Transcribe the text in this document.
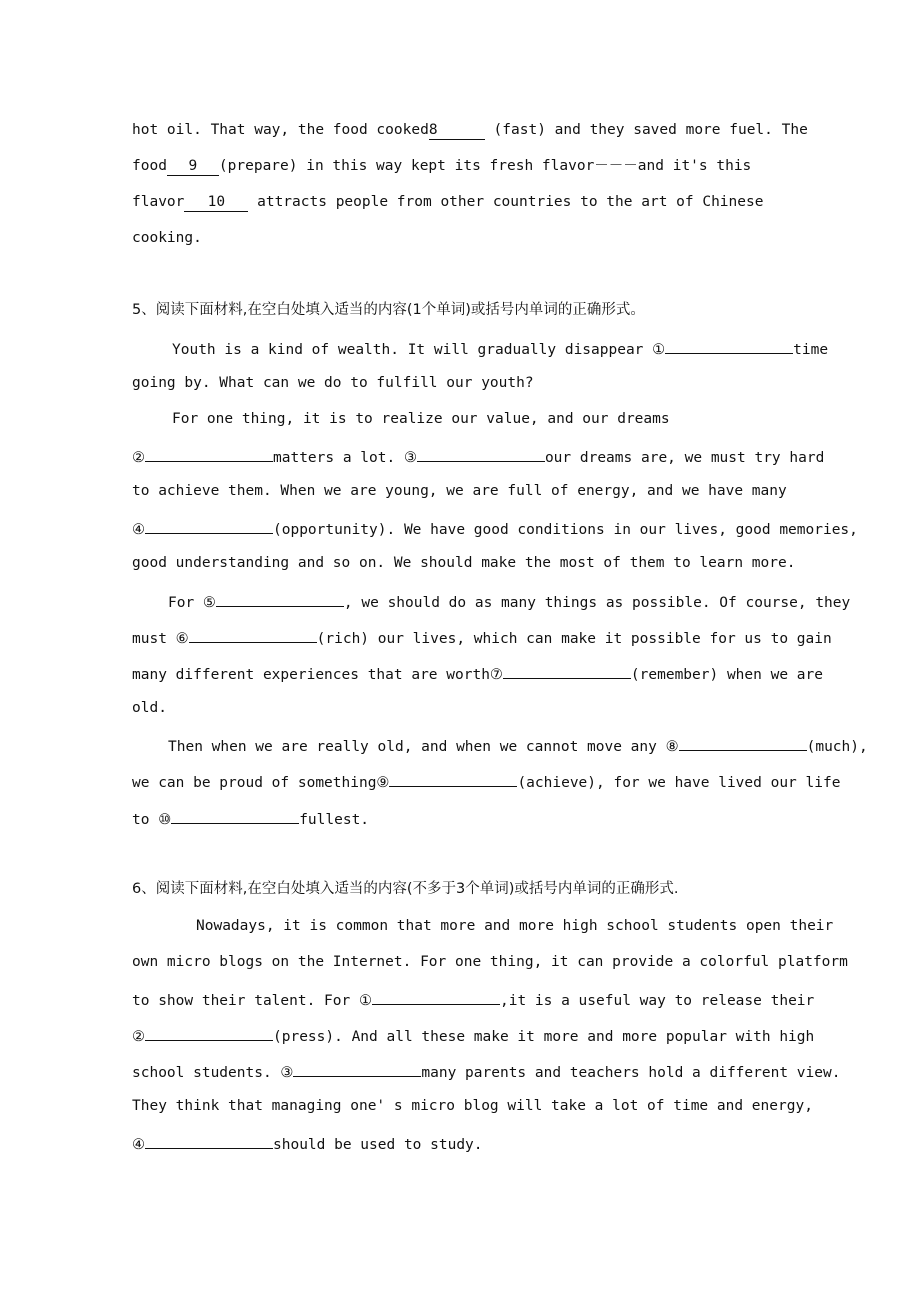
hot oil. That way, the food cooked8	(fast) and they saved more fuel. The
food 9 (prepare) in this way kept its fresh flavor－－－and it's this
flavor 10 attracts people from other countries to the art of Chinese
cooking.
5、阅读下面材料,在空白处填入适当的内容(1个单词)或括号内单词的正确形式。
Youth is a kind of wealth. It will gradually disappear ①	time
going by. What can we do to fulfill our youth?
For one thing, it is to realize our value, and our dreams
②	matters a lot. ③	our dreams are, we must try hard
to achieve them. When we are young, we are full of energy, and we have many
④	(opportunity). We have good conditions in our lives, good memories,
good understanding and so on. We should make the most of them to learn more.
For ⑤	, we should do as many things as possible. Of course, they
must ⑥	(rich) our lives, which can make it possible for us to gain
many different experiences that are worth⑦	(remember) when we are
old.
Then when we are really old, and when we cannot move any ⑧	(much),
we can be proud of something⑨	(achieve), for we have lived our life
to ⑩	fullest.
6、阅读下面材料,在空白处填入适当的内容(不多于3个单词)或括号内单词的正确形式.
Nowadays, it is common that more and more high school students open their
own micro blogs on the Internet. For one thing, it can provide a colorful platform
to show their talent. For ①	,it is a useful way to release their
②	(press). And all these make it more and more popular with high
school students. ③	many parents and teachers hold a different view.
They think that managing one' s micro blog will take a lot of time and energy,
④	should be used to study.
